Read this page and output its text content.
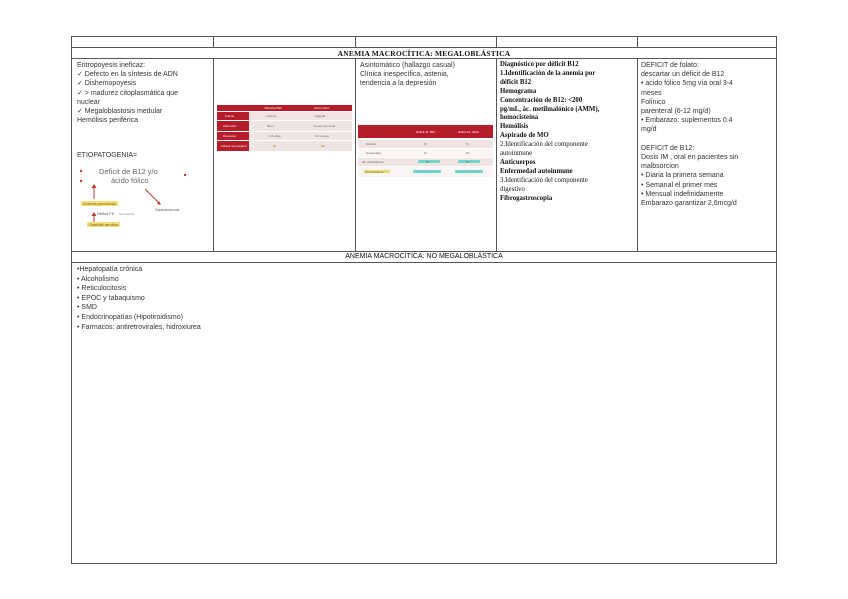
ANEMIA MACROCÍTICA: MEGALOBLÁSTICA
Eritropoyesis ineficaz:
✓ Defecto en la síntesis de ADN
✓ Dishemopoyesis
✓ > madurez citoplasmática que
nuclear
✓ Megaloblastosis medular
Hemólisis periférica
ETIOPATOGENIA=
Deficit de B12 y/o
ácido fólico
Anemia perniciosa
Gastrectomía
Deficit FE ferropénica
Gastritis atrófica
Vitamina B12	Ácido fólico
Fuente	Animal	Vegetal
Absorción	Íleon	Yeyuno proximal
Reservas	3-5 años	3-4 meses
Clínica neurológica	Sí	No
Asintomático (hallazgo casual)
Clínica inespecífica, astenia,
tendencia a la depresión
Déficit vit. B12	Déficit ác. fólico
Glositis	Sí	Sí
Neuropatía	Sí	No
Alt. psiquiátricas	Sí	Sí
Homocisteína	↑	↑
Diagnóstico por déficit B12
1.Identificación de la anemia por
déficit B12
Hemograma
Concentración de B12: <200
pg/mL, ác. metilmalónico (AMM),
homocisteína
Hemólisis
Aspirado de MO
2.Identificación del componente
autoinmune
Anticuerpos
Enfermedad autoinmune
3.Identificación del componente
digestivo
Fibrogastroscopia
DEFICIT de folato:
descartar un déficit de B12
• acido fólico 5mg vía oral 3-4
meses
Folínico
parenteral (6-12 mg/d)
• Embarazo: suplementos 0.4
mg/d
DEFICIT de B12:
Dosis IM , oral en pacientes sin
malbsorcion
• Diaria la primera semana
• Semanal el primer mes
• Mensual indefinidamente
Embarazo garantizar 2,6mcg/d
ANEMIA MACROCÍTICA: NO MEGALOBLÁSTICA
•Hepatopatía crónica
• Alcoholismo
• Reticulocitosis
• EPOC y tabaquismo
• SMD
• Endocrinopatías (Hipotiroidismo)
• Farmacos: antiretrovirales, hidroxiurea
